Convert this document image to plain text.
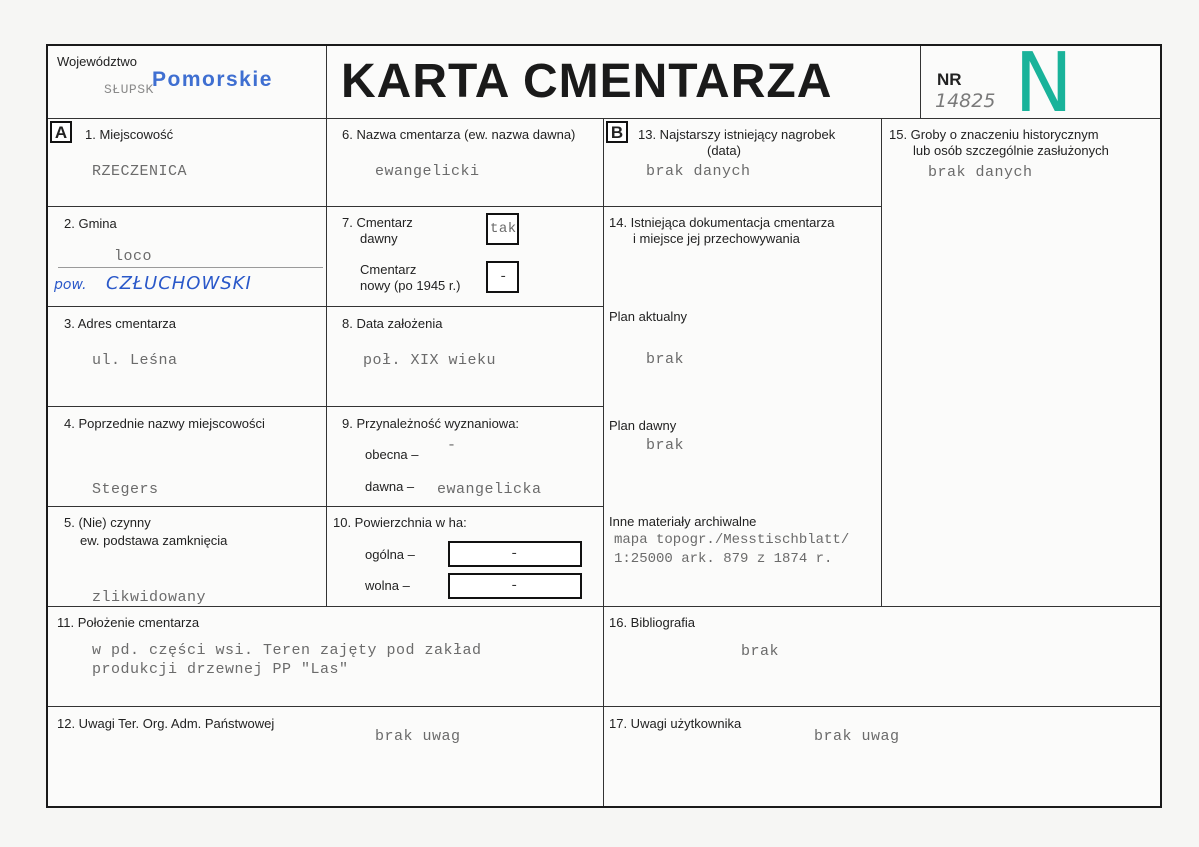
Województwo
SŁUPSK
Pomorskie KARTA CMENTARZA	NR
14825 N
A	1. Miejscowość
RZECZENICA
2. Gmina
loco
pow. CZŁUCHOWSKI
3. Adres cmentarza
ul. Leśna
4. Poprzednie nazwy miejscowości
Stegers
5. (Nie) czynny
ew. podstawa zamknięcia
zlikwidowany
6. Nazwa cmentarza (ew. nazwa dawna)
ewangelicki
7. Cmentarz
dawny
tak
Cmentarz
nowy (po 1945 r.)
-
8. Data założenia
poł. XIX wieku
9. Przynależność wyznaniowa:
obecna –
-
dawna – ewangelicka
10. Powierzchnia w ha:
ogólna –	-
wolna –	-
B	13. Najstarszy istniejący nagrobek
(data)
brak danych
14. Istniejąca dokumentacja cmentarza
i miejsce jej przechowywania
Plan aktualny
brak
Plan dawny
brak
Inne materiały archiwalne
mapa topogr./Messtischblatt/
1:25000 ark. 879 z 1874 r.
15. Groby o znaczeniu historycznym
lub osób szczególnie zasłużonych
brak danych
11. Położenie cmentarza
w pd. części wsi. Teren zajęty pod zakład
produkcji drzewnej PP "Las"
16. Bibliografia
brak
12. Uwagi Ter. Org. Adm. Państwowej
brak uwag
17. Uwagi użytkownika
brak uwag
